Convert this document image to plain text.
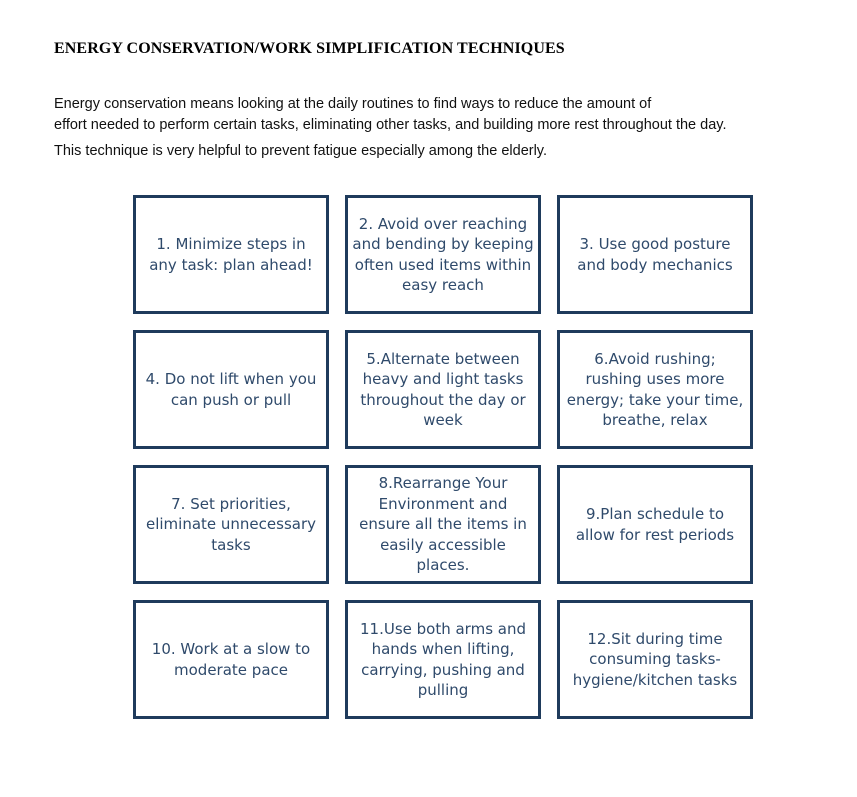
ENERGY CONSERVATION/WORK SIMPLIFICATION TECHNIQUES
Energy conservation means looking at the daily routines to find ways to reduce the amount of
effort needed to perform certain tasks, eliminating other tasks, and building more rest throughout the day.
This technique is very helpful to prevent fatigue especially among the elderly.
1. Minimize steps in any task: plan ahead!
2. Avoid over reaching and bending by keeping often used items within easy reach
3. Use good posture and body mechanics
4. Do not lift when you can push or pull
5.Alternate between heavy and light tasks throughout the day or week
6.Avoid rushing; rushing uses more energy; take your time, breathe, relax
7. Set priorities, eliminate unnecessary tasks
8.Rearrange Your Environment and ensure all the items in easily accessible places.
9.Plan schedule to allow for rest periods
10. Work at a slow to moderate pace
11.Use both arms and hands when lifting, carrying, pushing and pulling
12.Sit during time consuming tasks- hygiene/kitchen tasks
